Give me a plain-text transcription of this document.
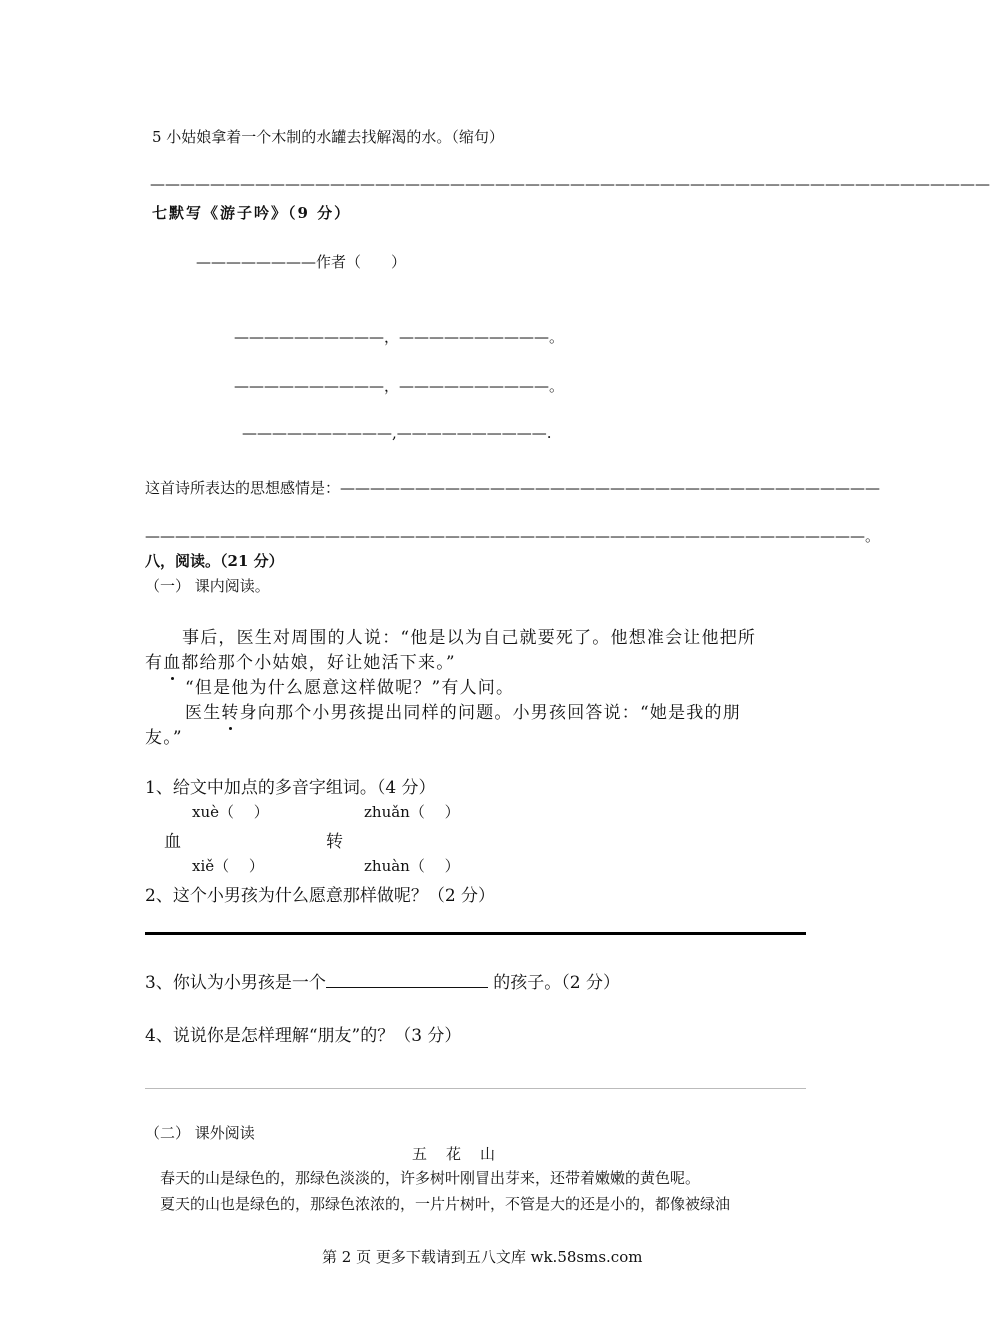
5 小姑娘拿着一个木制的水罐去找解渴的水。（缩句）
————————————————————————————————————————————————————————
七默写《游子吟》（9 分）
————————作者（　　）
——————————，——————————。
——————————，——————————。
——————————,——————————.
这首诗所表达的思想感情是：————————————————————————————————————
————————————————————————————————————————————————。
八，阅读。（21 分）
（一） 课内阅读。
事后，医生对周围的人说：“他是以为自己就要死了。他想准会让他把所
有血都给那个小姑娘，好让她活下来。”
“但是他为什么愿意这样做呢？”有人问。
医生转身向那个小男孩提出同样的问题。小男孩回答说：“她是我的朋
友。”
1、给文中加点的多音字组词。（4 分）
xuè（　 ）	zhuǎn（　 ）
血	转
xiě（　 ）	zhuàn（　 ）
2、这个小男孩为什么愿意那样做呢？（2 分）
3、你认为小男孩是一个	的孩子。（2 分）
4、说说你是怎样理解“朋友”的？（3 分）
（二） 课外阅读
五　花　山
春天的山是绿色的，那绿色淡淡的，许多树叶刚冒出芽来，还带着嫩嫩的黄色呢。
夏天的山也是绿色的，那绿色浓浓的，一片片树叶，不管是大的还是小的，都像被绿油
第 2 页 更多下载请到五八文库 wk.58sms.com
